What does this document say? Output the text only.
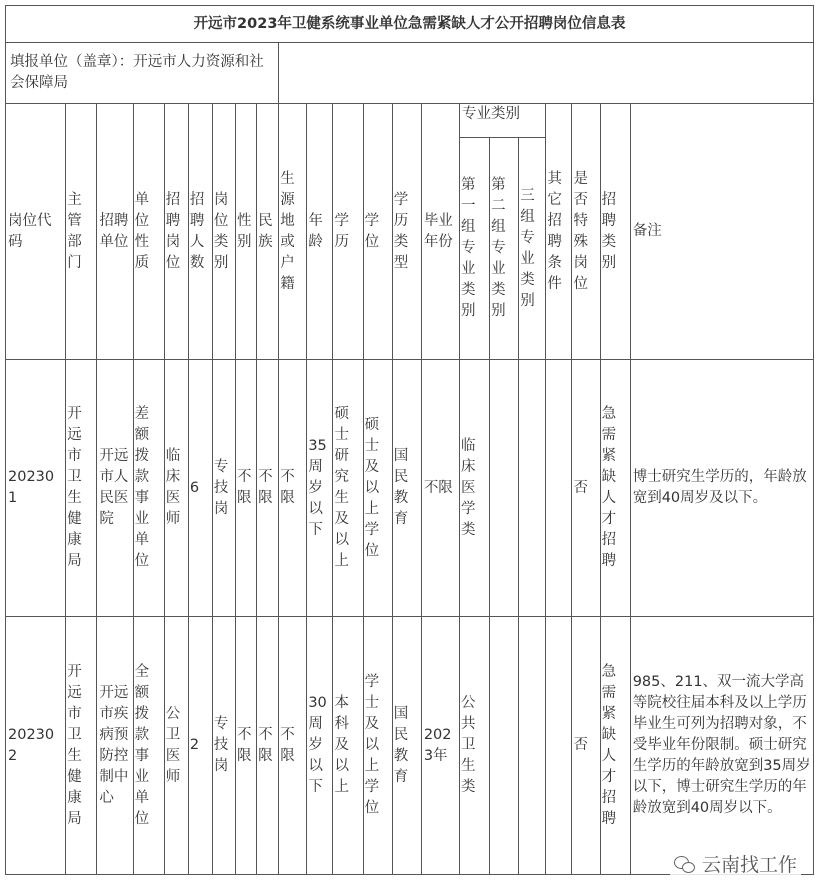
开远市2023年卫健系统事业单位急需紧缺人才公开招聘岗位信息表																					
填报单位（盖章）：开远市人力资源和社会保障局																					
岗位代码	主管部门	招聘单位	单位性质	招聘岗位	招聘人数	岗位类别	性别	民族	生源地或户籍	年龄	学历	学位	学历类型	毕业年份	专业类别			其它招聘条件	是否特殊岗位	招聘类别	备注
															第一组专业类别	第二组专业类别	三组专业类别				
202301	开远市卫生健康局	开远市人民医院	差额拨款事业单位	临床医师	6	专技岗	不限	不限	不限	35周岁以下	硕士研究生及以上	硕士及以上学位	国民教育	不限	临床医学类				否	急需紧缺人才招聘	博士研究生学历的，年龄放宽到40周岁及以下。
202302	开远市卫生健康局	开远市疾病预防控制中心	全额拨款事业单位	公卫医师	2	专技岗	不限	不限	不限	30周岁以下	本科及以上	学士及以上学位	国民教育	2023年	公共卫生类				否	急需紧缺人才招聘	985、211、双一流大学高等院校往届本科及以上学历毕业生可列为招聘对象，不受毕业年份限制。硕士研究生学历的年龄放宽到35周岁以下，博士研究生学历的年龄放宽到40周岁以下。
云南找工作
